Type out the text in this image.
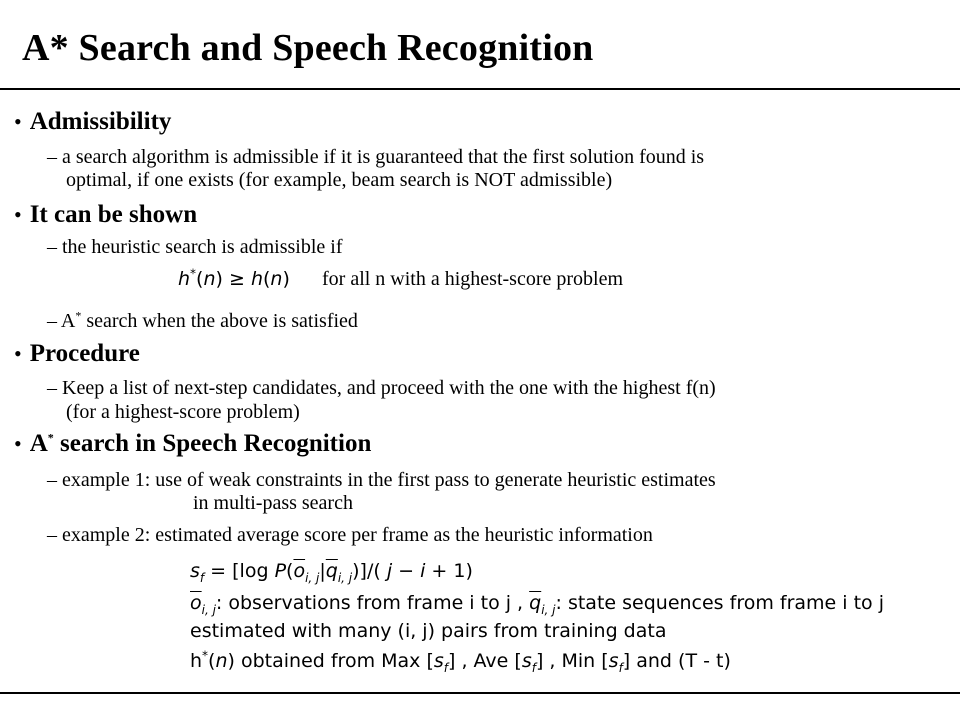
A* Search and Speech Recognition
• Admissibility
– a search algorithm is admissible if it is guaranteed that the first solution found is
optimal, if one exists (for example, beam search is NOT admissible)
• It can be shown
– the heuristic search is admissible if
h*(n) ≥ h(n) for all n with a highest-score problem
– A* search when the above is satisfied
• Procedure
– Keep a list of next-step candidates, and proceed with the one with the highest f(n)
(for a highest-score problem)
• A* search in Speech Recognition
– example 1: use of weak constraints in the first pass to generate heuristic estimates
in multi-pass search
– example 2: estimated average score per frame as the heuristic information
$s_f = [\log$ $P(\overline{o}_{i, j}|\overline{q}_{i, j})]/$( j − i + 1)
$\overline{o}_{i, j}$: observations from frame i to j , $\overline{q}_{i, j}$: state sequences from frame i to j
estimated with many (i, j) pairs from training data
h*(n) obtained from Max $[s_f]$ , Ave $[s_f]$ , Min $[s_f]$ and (T - t)
